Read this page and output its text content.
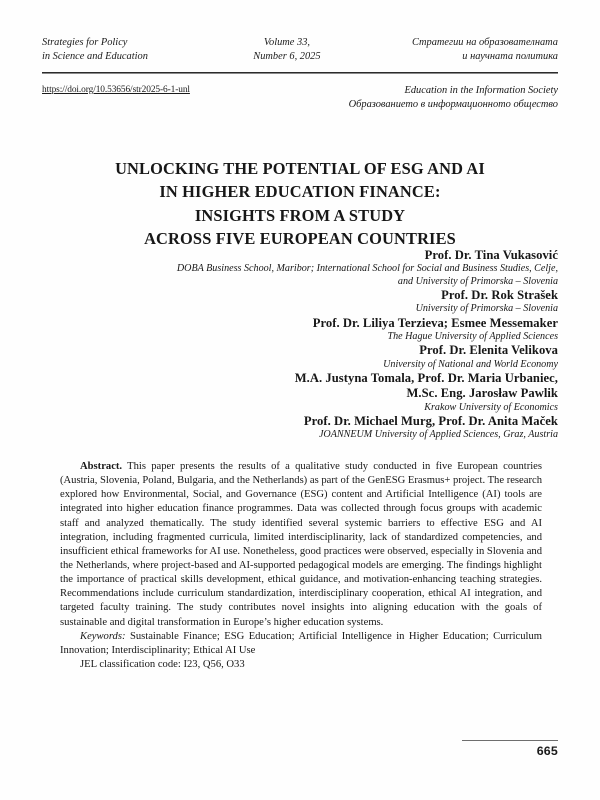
Strategies for Policy
in Science and Education
Volume 33,
Number 6, 2025
Стратегии на образователната
и научната политика
https://doi.org/10.53656/str2025-6-1-unl	Education in the Information Society
Образованието в информационното общество
UNLOCKING THE POTENTIAL OF ESG AND AI
IN HIGHER EDUCATION FINANCE:
INSIGHTS FROM A STUDY
ACROSS FIVE EUROPEAN COUNTRIES
Prof. Dr. Tina Vukasović
DOBA Business School, Maribor; International School for Social and Business Studies, Celje,
and University of Primorska – Slovenia
Prof. Dr. Rok Strašek
University of Primorska – Slovenia
Prof. Dr. Liliya Terzieva; Esmee Messemaker
The Hague University of Applied Sciences
Prof. Dr. Elenita Velikova
University of National and World Economy
M.A. Justyna Tomala, Prof. Dr. Maria Urbaniec,
M.Sc. Eng. Jarosław Pawlik
Krakow University of Economics
Prof. Dr. Michael Murg, Prof. Dr. Anita Maček
JOANNEUM University of Applied Sciences, Graz, Austria

Abstract. This paper presents the results of a qualitative study conducted in five European countries (Austria, Slovenia, Poland, Bulgaria, and the Netherlands) as part of the GenESG Erasmus+ project. The research explored how Environmental, Social, and Governance (ESG) content and Artificial Intelligence (AI) tools are integrated into higher education finance programmes. Data was collected through focus groups with academic staff and analyzed thematically. The study identified several systemic barriers to effective ESG and AI integration, including fragmented curricula, limited interdisciplinarity, lack of standardized competencies, and insufficient ethical frameworks for AI use. Nonetheless, good practices were observed, especially in Slovenia and the Netherlands, where project-based and AI-supported pedagogical models are emerging. The findings highlight the importance of practical skills development, ethical guidance, and motivation-enhancing teaching strategies. Recommendations include curriculum standardization, interdisciplinary cooperation, ethical AI integration, and targeted faculty training. The study contributes novel insights into aligning education with the goals of sustainable and digital transformation in Europe’s higher education systems.

Keywords: Sustainable Finance; ESG Education; Artificial Intelligence in Higher Education; Curriculum Innovation; Interdisciplinarity; Ethical AI Use

JEL classification code: I23, Q56, O33

665
